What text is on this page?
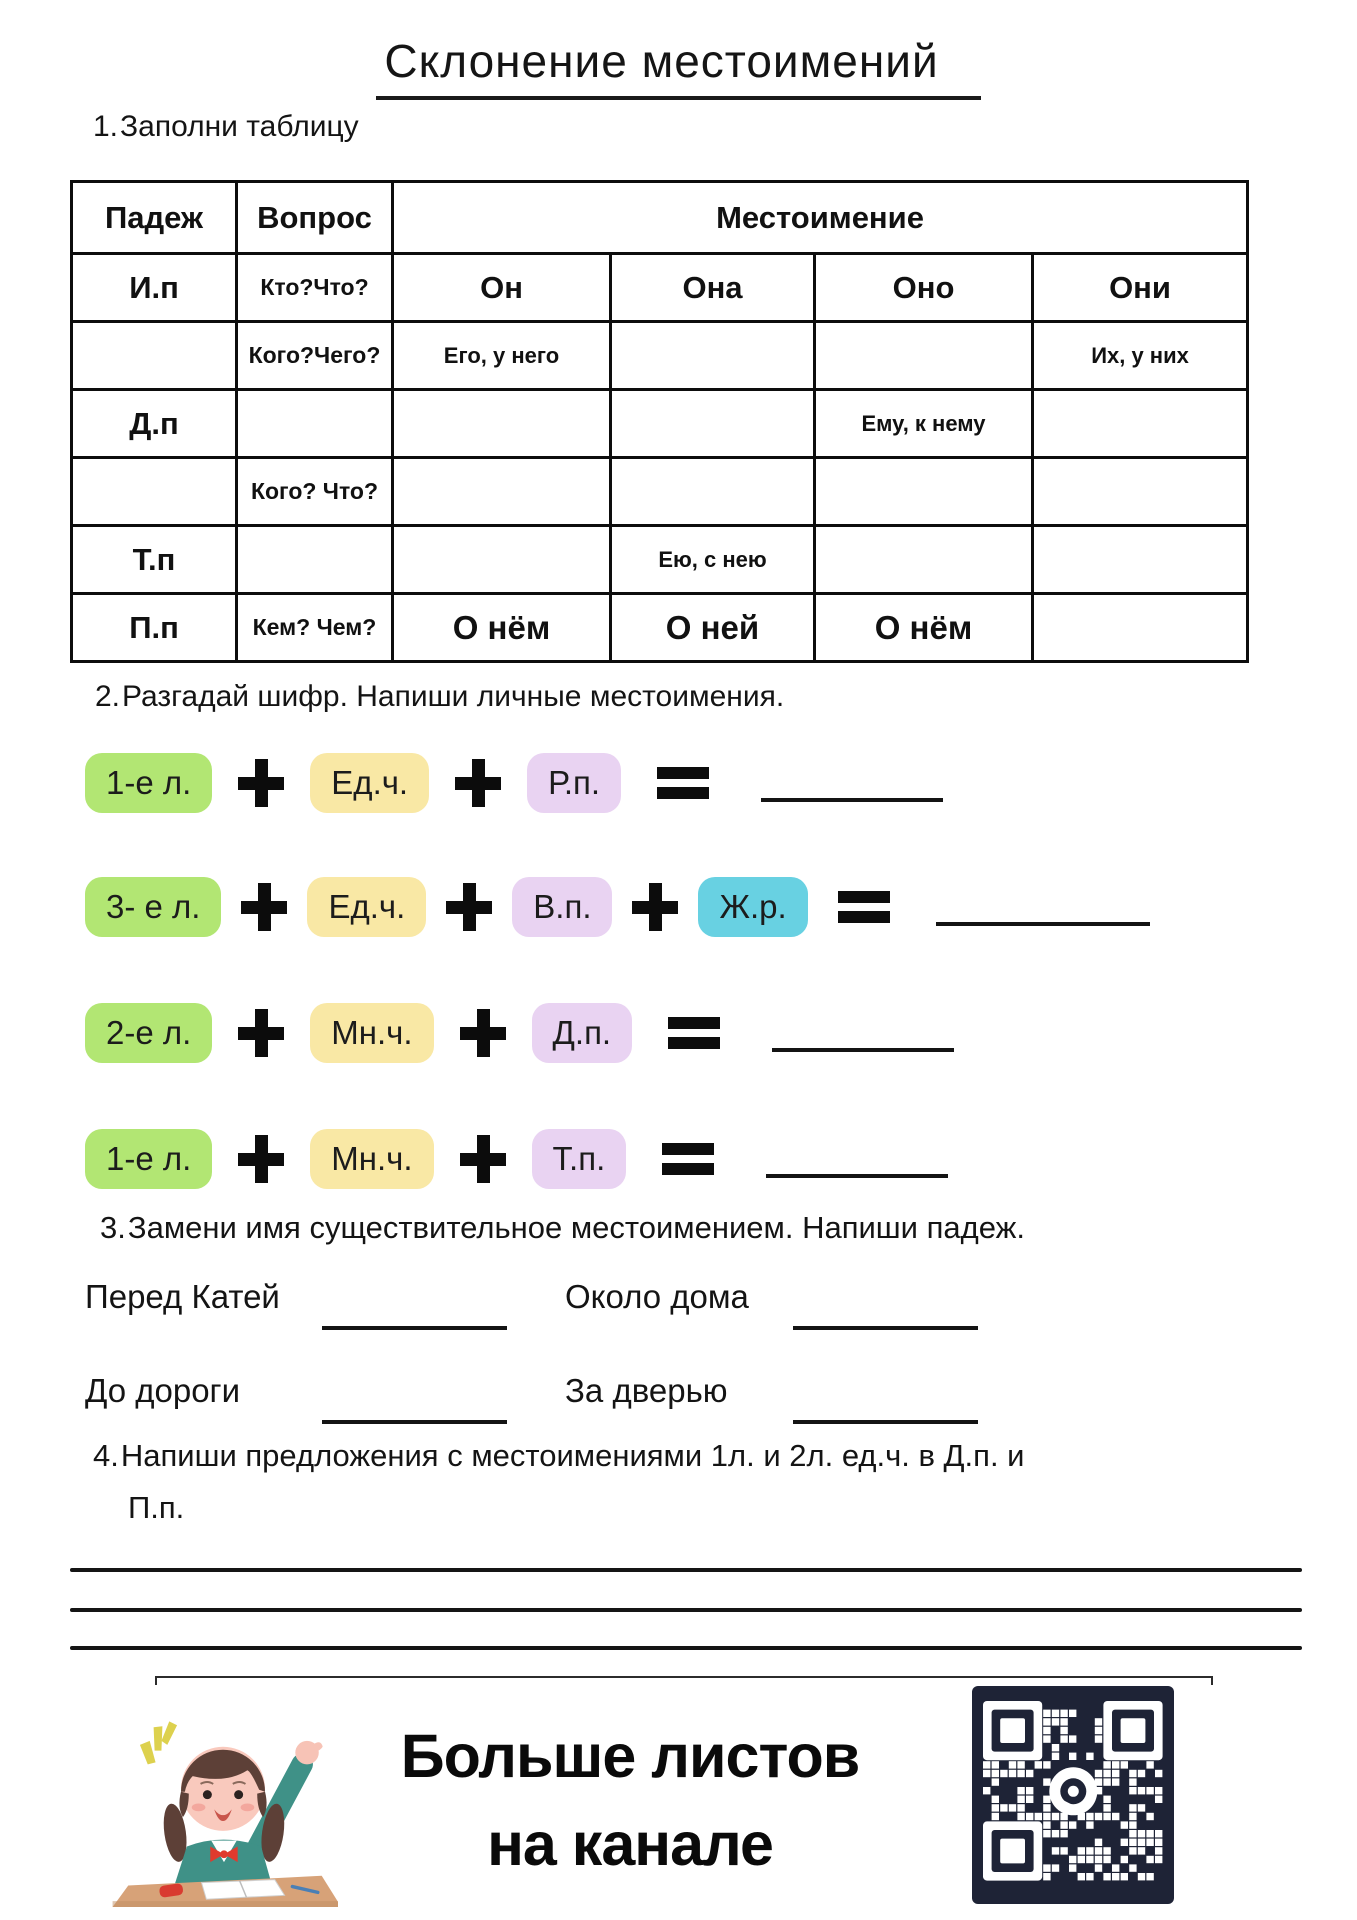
Склонение местоимений
1.Заполни таблицу
Падеж	Вопрос	Местоимение			
И.п	Кто?Что?	Он	Она	Оно	Они
	Кого?Чего?	Его, у него			Их, у них
Д.п				Ему, к нему	
	Кого? Что?				
Т.п			Ею, с нею		
П.п	Кем? Чем?	О нём	О ней	О нём	
2.Разгадай шифр. Напиши личные местоимения.
1-е л.	Ед.ч.	Р.п.
3- е л.	Ед.ч.	В.п.	Ж.р.
2-е л.	Мн.ч.	Д.п.
1-е л.	Мн.ч.	Т.п.
3.Замени имя существительное местоимением. Напиши падеж.
Перед Катей	Около дома
До дороги	За дверью
4.Напиши предложения с местоимениями 1л. и 2л. ед.ч. в Д.п. и
П.п.
Больше листов
на канале
